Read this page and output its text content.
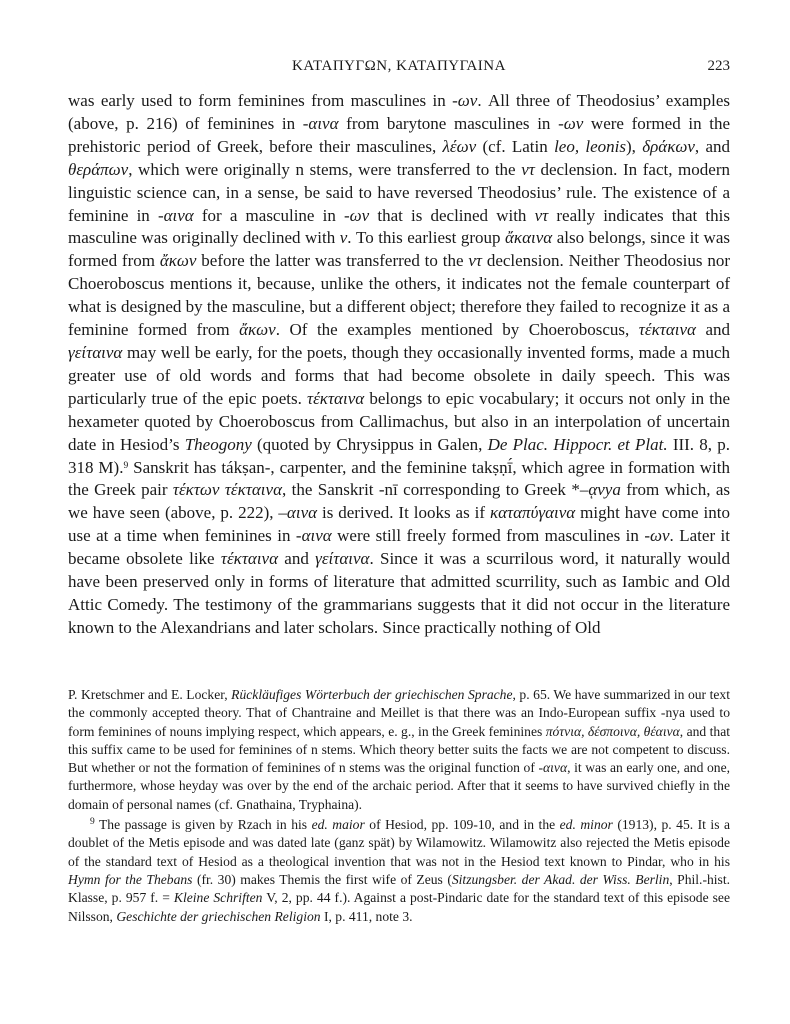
ΚΑΤΑΠΥΓΩΝ, ΚΑΤΑΠΥΓΑΙΝΑ	223

was early used to form feminines from masculines in -ων. All three of Theodosius’ examples (above, p. 216) of feminines in -αινα from barytone masculines in -ων were formed in the prehistoric period of Greek, before their masculines, λέων (cf. Latin leo, leonis), δράκων, and θεράπων, which were originally n stems, were transferred to the ντ declension. In fact, modern linguistic science can, in a sense, be said to have reversed Theodosius’ rule. The existence of a feminine in -αινα for a masculine in -ων that is declined with ντ really indicates that this masculine was originally declined with ν. To this earliest group ἄκαινα also belongs, since it was formed from ἄκων before the latter was transferred to the ντ declension. Neither Theodosius nor Choeroboscus mentions it, because, unlike the others, it indicates not the female counterpart of what is designed by the masculine, but a different object; therefore they failed to recognize it as a feminine formed from ἄκων. Of the examples mentioned by Choeroboscus, τέκταινα and γείταινα may well be early, for the poets, though they occasionally invented forms, made a much greater use of old words and forms that had become obsolete in daily speech. This was particularly true of the epic poets. τέκταινα belongs to epic vocabulary; it occurs not only in the hexameter quoted by Choeroboscus from Callimachus, but also in an interpolation of uncertain date in Hesiod’s Theogony (quoted by Chrysippus in Galen, De Plac. Hippocr. et Plat. III. 8, p. 318 M).$^9$ Sanskrit has tákṣan-, carpenter, and the feminine takṣṇī́, which agree in formation with the Greek pair τέκτων τέκταινα, the Sanskrit -nī corresponding to Greek *–ᾳνya from which, as we have seen (above, p. 222), –αινα is derived. It looks as if καταπύγαινα might have come into use at a time when feminines in -αινα were still freely formed from masculines in -ων. Later it became obsolete like τέκταινα and γείταινα. Since it was a scurrilous word, it naturally would have been preserved only in forms of literature that admitted scurrility, such as Iambic and Old Attic Comedy. The testimony of the grammarians suggests that it did not occur in the literature known to the Alexandrians and later scholars. Since practically nothing of Old

P. Kretschmer and E. Locker, Rückläufiges Wörterbuch der griechischen Sprache, p. 65. We have summarized in our text the commonly accepted theory. That of Chantraine and Meillet is that there was an Indo-European suffix -nya used to form feminines of nouns implying respect, which appears, e. g., in the Greek feminines πότνια, δέσποινα, θέαινα, and that this suffix came to be used for feminines of n stems. Which theory better suits the facts we are not competent to discuss. But whether or not the formation of feminines of n stems was the original function of -αινα, it was an early one, and one, furthermore, whose heyday was over by the end of the archaic period. After that it seems to have survived chiefly in the domain of personal names (cf. Gnathaina, Tryphaina).

$^9$ The passage is given by Rzach in his ed. maior of Hesiod, pp. 109-10, and in the ed. minor (1913), p. 45. It is a doublet of the Metis episode and was dated late (ganz spät) by Wilamowitz. Wilamowitz also rejected the Metis episode of the standard text of Hesiod as a theological invention that was not in the Hesiod text known to Pindar, who in his Hymn for the Thebans (fr. 30) makes Themis the first wife of Zeus (Sitzungsber. der Akad. der Wiss. Berlin, Phil.-hist. Klasse, p. 957 f. = Kleine Schriften V, 2, pp. 44 f.). Against a post-Pindaric date for the standard text of this episode see Nilsson, Geschichte der griechischen Religion I, p. 411, note 3.
